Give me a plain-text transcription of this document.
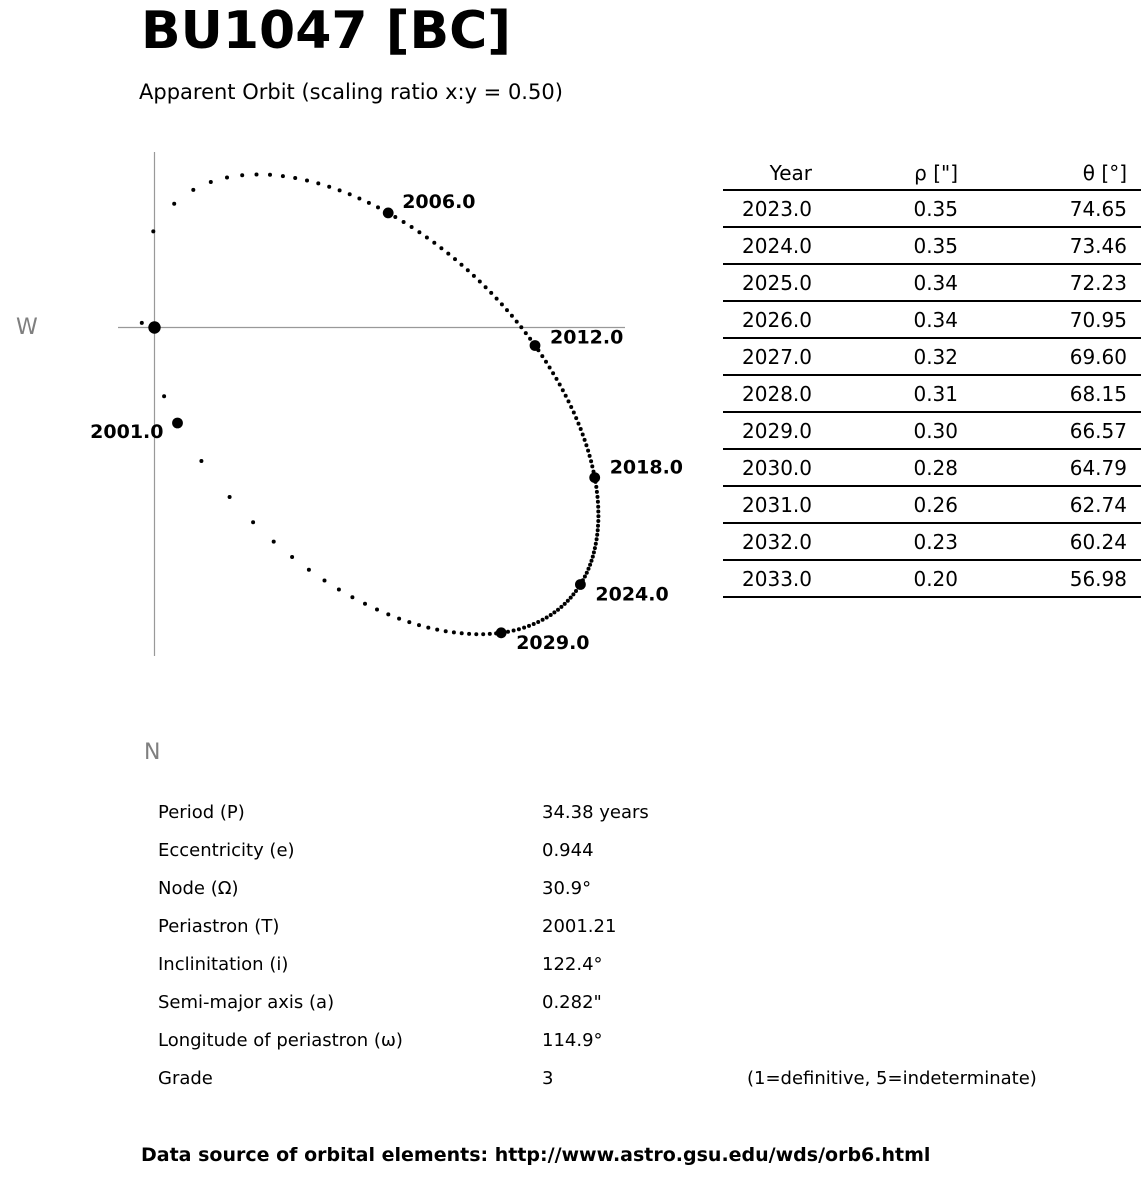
BU1047 [BC]
Apparent Orbit (scaling ratio x:y = 0.50)
2001.0
2006.0
2012.0
2018.0
2024.0
2029.0
W
N
Year	ρ ["]	θ [°]
2023.0	0.35	74.65
2024.0	0.35	73.46
2025.0	0.34	72.23
2026.0	0.34	70.95
2027.0	0.32	69.60
2028.0	0.31	68.15
2029.0	0.30	66.57
2030.0	0.28	64.79
2031.0	0.26	62.74
2032.0	0.23	60.24
2033.0	0.20	56.98
Period (P)	34.38 years
Eccentricity (e)	0.944
Node (Ω)	30.9°
Periastron (T)	2001.21
Inclinitation (i)	122.4°
Semi-major axis (a)	0.282"
Longitude of periastron (ω)	114.9°
Grade	3	(1=definitive, 5=indeterminate)
Data source of orbital elements: http://www.astro.gsu.edu/wds/orb6.html
